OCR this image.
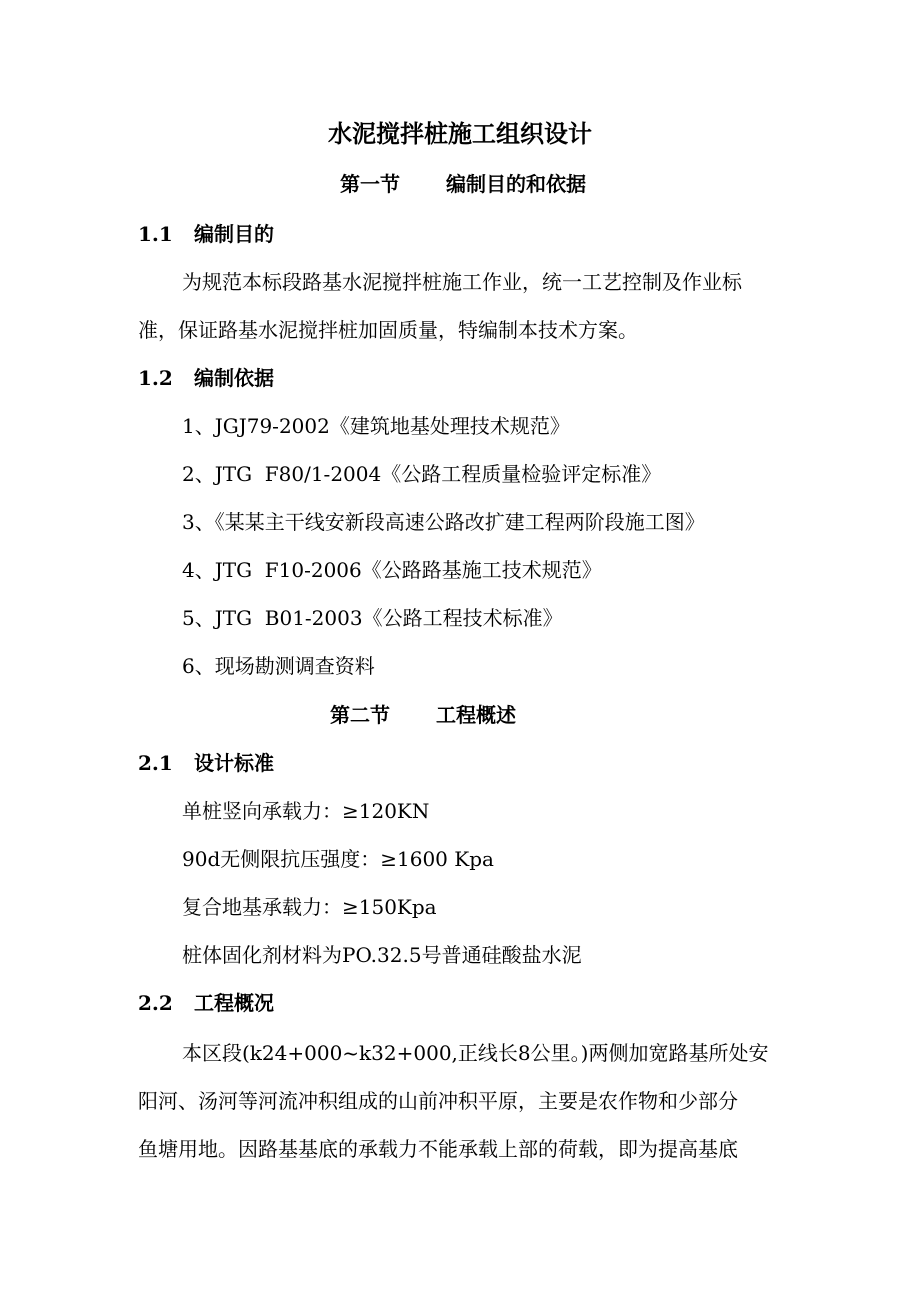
水泥搅拌桩施工组织设计
第一节 编制目的和依据
1.1 编制目的
为规范本标段路基水泥搅拌桩施工作业，统一工艺控制及作业标
准，保证路基水泥搅拌桩加固质量，特编制本技术方案。
1.2 编制依据
1、JGJ79-2002《建筑地基处理技术规范》
2、JTG  F80/1-2004《公路工程质量检验评定标准》
3、《某某主干线安新段高速公路改扩建工程两阶段施工图》
4、JTG  F10-2006《公路路基施工技术规范》
5、JTG  B01-2003《公路工程技术标准》
6、现场勘测调查资料
第二节 工程概述
2.1 设计标准
单桩竖向承载力：≥120KN
90d无侧限抗压强度：≥1600 Kpa
复合地基承载力：≥150Kpa
桩体固化剂材料为PO.32.5号普通硅酸盐水泥
2.2 工程概况
本区段(k24+000~k32+000,正线长8公里。)两侧加宽路基所处安
阳河、汤河等河流冲积组成的山前冲积平原，主要是农作物和少部分
鱼塘用地。因路基基底的承载力不能承载上部的荷载，即为提高基底
